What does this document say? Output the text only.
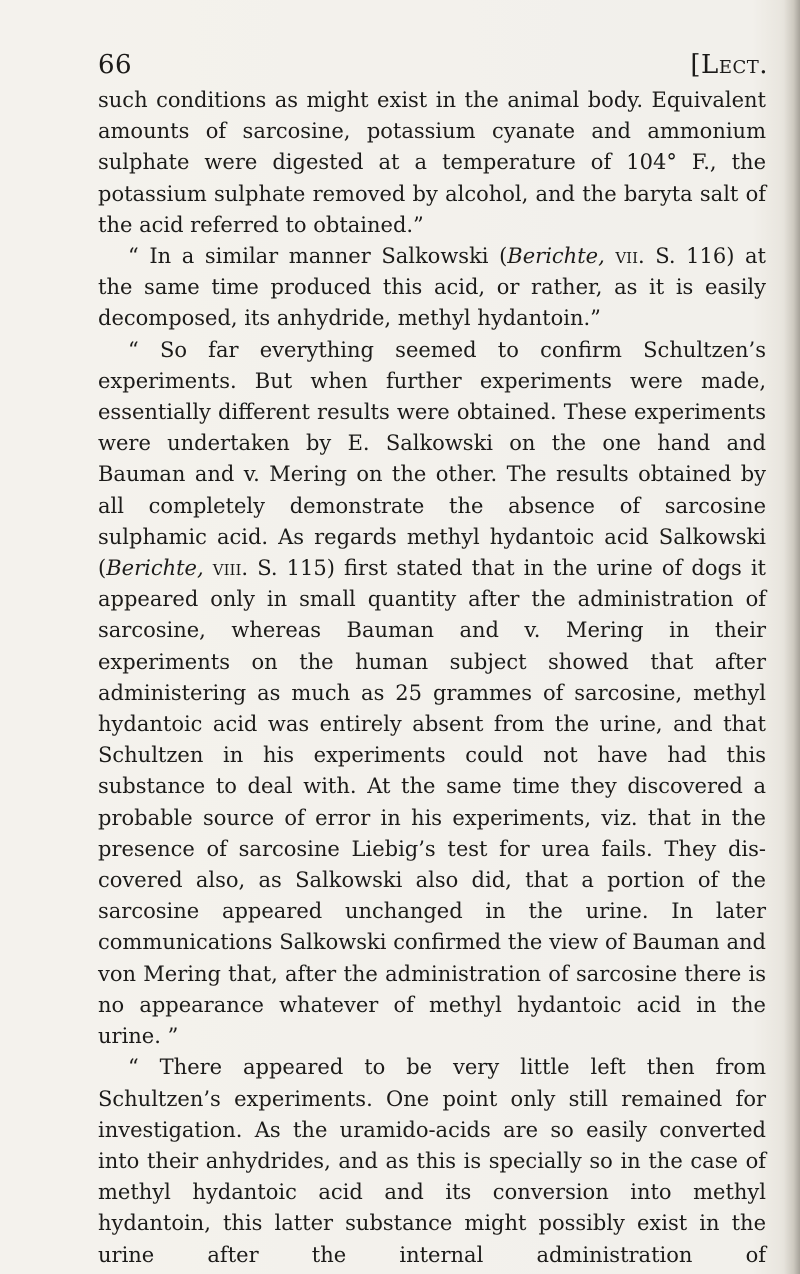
66	[Lect.

such conditions as might exist in the animal body. Equivalent amounts of sarcosine, potassium cyanate and ammonium sulphate were digested at a temperature of 104° F., the potassium sulphate removed by alcohol, and the baryta salt of the acid referred to obtained.”

“ In a similar manner Salkowski (Berichte, vii. S. 116) at the same time produced this acid, or rather, as it is easily decomposed, its anhydride, methyl hydantoin.”

“ So far everything seemed to confirm Schultzen’s experiments. But when further experiments were made, essentially different results were obtained. These experiments were undertaken by E. Salkowski on the one hand and Bauman and v. Mering on the other. The results obtained by all completely demonstrate the absence of sarcosine sulphamic acid. As regards methyl hydantoic acid Salkowski (Berichte, viii. S. 115) first stated that in the urine of dogs it appeared only in small quantity after the administration of sarcosine, whereas Bauman and v. Mering in their experiments on the human subject showed that after administering as much as 25 grammes of sarcosine, methyl hydantoic acid was entirely absent from the urine, and that Schultzen in his experiments could not have had this substance to deal with. At the same time they discovered a probable source of error in his experiments, viz. that in the presence of sarcosine Liebig’s test for urea fails. They discovered also, as Salkowski also did, that a portion of the sarcosine appeared unchanged in the urine. In later communications Salkowski confirmed the view of Bauman and von Mering that, after the administration of sarcosine there is no appearance whatever of methyl hydantoic acid in the urine. ”

“ There appeared to be very little left then from Schultzen’s experiments. One point only still remained for investigation. As the uramido-acids are so easily converted into their anhydrides, and as this is specially so in the case of methyl hydantoic acid and its conversion into methyl hydantoin, this latter substance might possibly exist in the urine after the internal administration of
